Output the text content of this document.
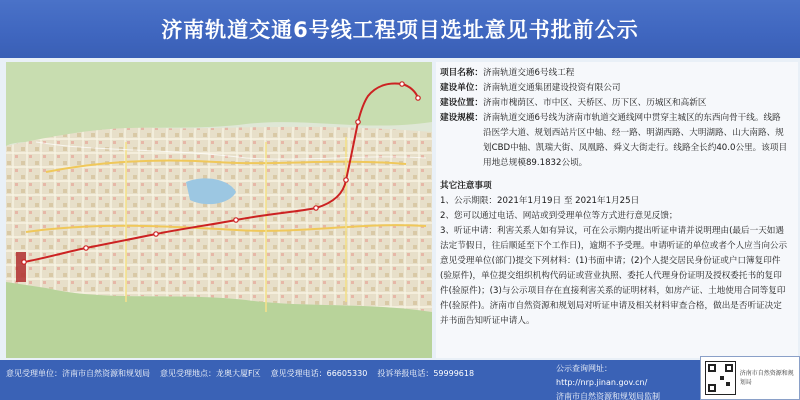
济南轨道交通6号线工程项目选址意见书批前公示
项目名称： 济南轨道交通6号线工程
建设单位： 济南轨道交通集团建设投资有限公司
建设位置： 济南市槐荫区、市中区、天桥区、历下区、历城区和高新区
建设规模： 济南轨道交通6号线为济南市轨道交通线网中贯穿主城区的东西向骨干线。线路沿医学大道、规划西站片区中轴、经一路、明湖西路、大明湖路、山大南路、规划CBD中轴、凯瑞大街、凤凰路、舜义大街走行。线路全长约40.0公里。该项目用地总规模89.1832公顷。
其它注意事项
1、公示期限：2021年1月19日 至 2021年1月25日
2、您可以通过电话、网站或到受理单位等方式进行意见反馈；
3、听证申请：利害关系人如有异议，可在公示期内提出听证申请并说明理由(最后一天如遇法定节假日，往后顺延至下个工作日)，逾期不予受理。申请听证的单位或者个人应当向公示意见受理单位(部门)提交下列材料：(1)书面申请；(2)个人提交居民身份证或户口簿复印件(验原件)，单位提交组织机构代码证或营业执照、委托人代理身份证明及授权委托书的复印件(验原件)；(3)与公示项目存在直接利害关系的证明材料，如房产证、土地使用合同等复印件(验原件)。济南市自然资源和规划局对听证申请及相关材料审查合格，做出是否听证决定并书面告知听证申请人。
意见受理单位：济南市自然资源和规划局 意见受理地点：龙奥大厦F区 意见受理电话：66605330 投诉举报电话：59999618
公示查询网址：
http://nrp.jinan.gov.cn/
济南市自然资源和规划局监制
济南市自然资源和规划局
